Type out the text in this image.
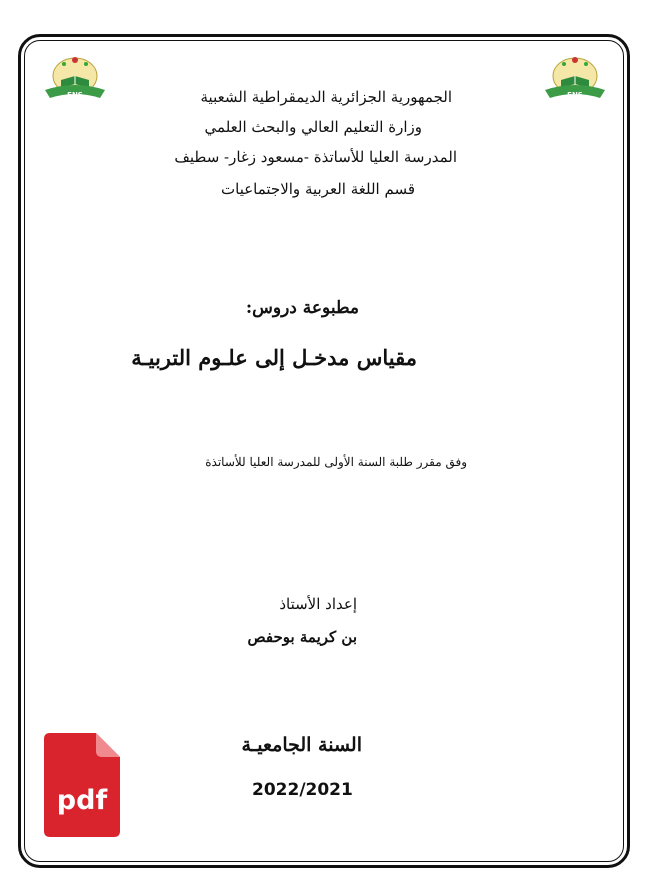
ENS	ENS
الجمهورية الجزائرية الديمقراطية الشعبية
وزارة التعليم العالي والبحث العلمي
المدرسة العليا للأساتذة -مسعود زغار- سطيف
قسم اللغة العربية والاجتماعيات
مطبوعة دروس:
مقياس مدخـل إلى علـوم التربيـة
وفق مقرر طلبة السنة الأولى للمدرسة العليا للأساتذة
إعداد الأستاذ
بن كريمة بوحفص
السنة الجامعيـة
2022/2021
pdf
